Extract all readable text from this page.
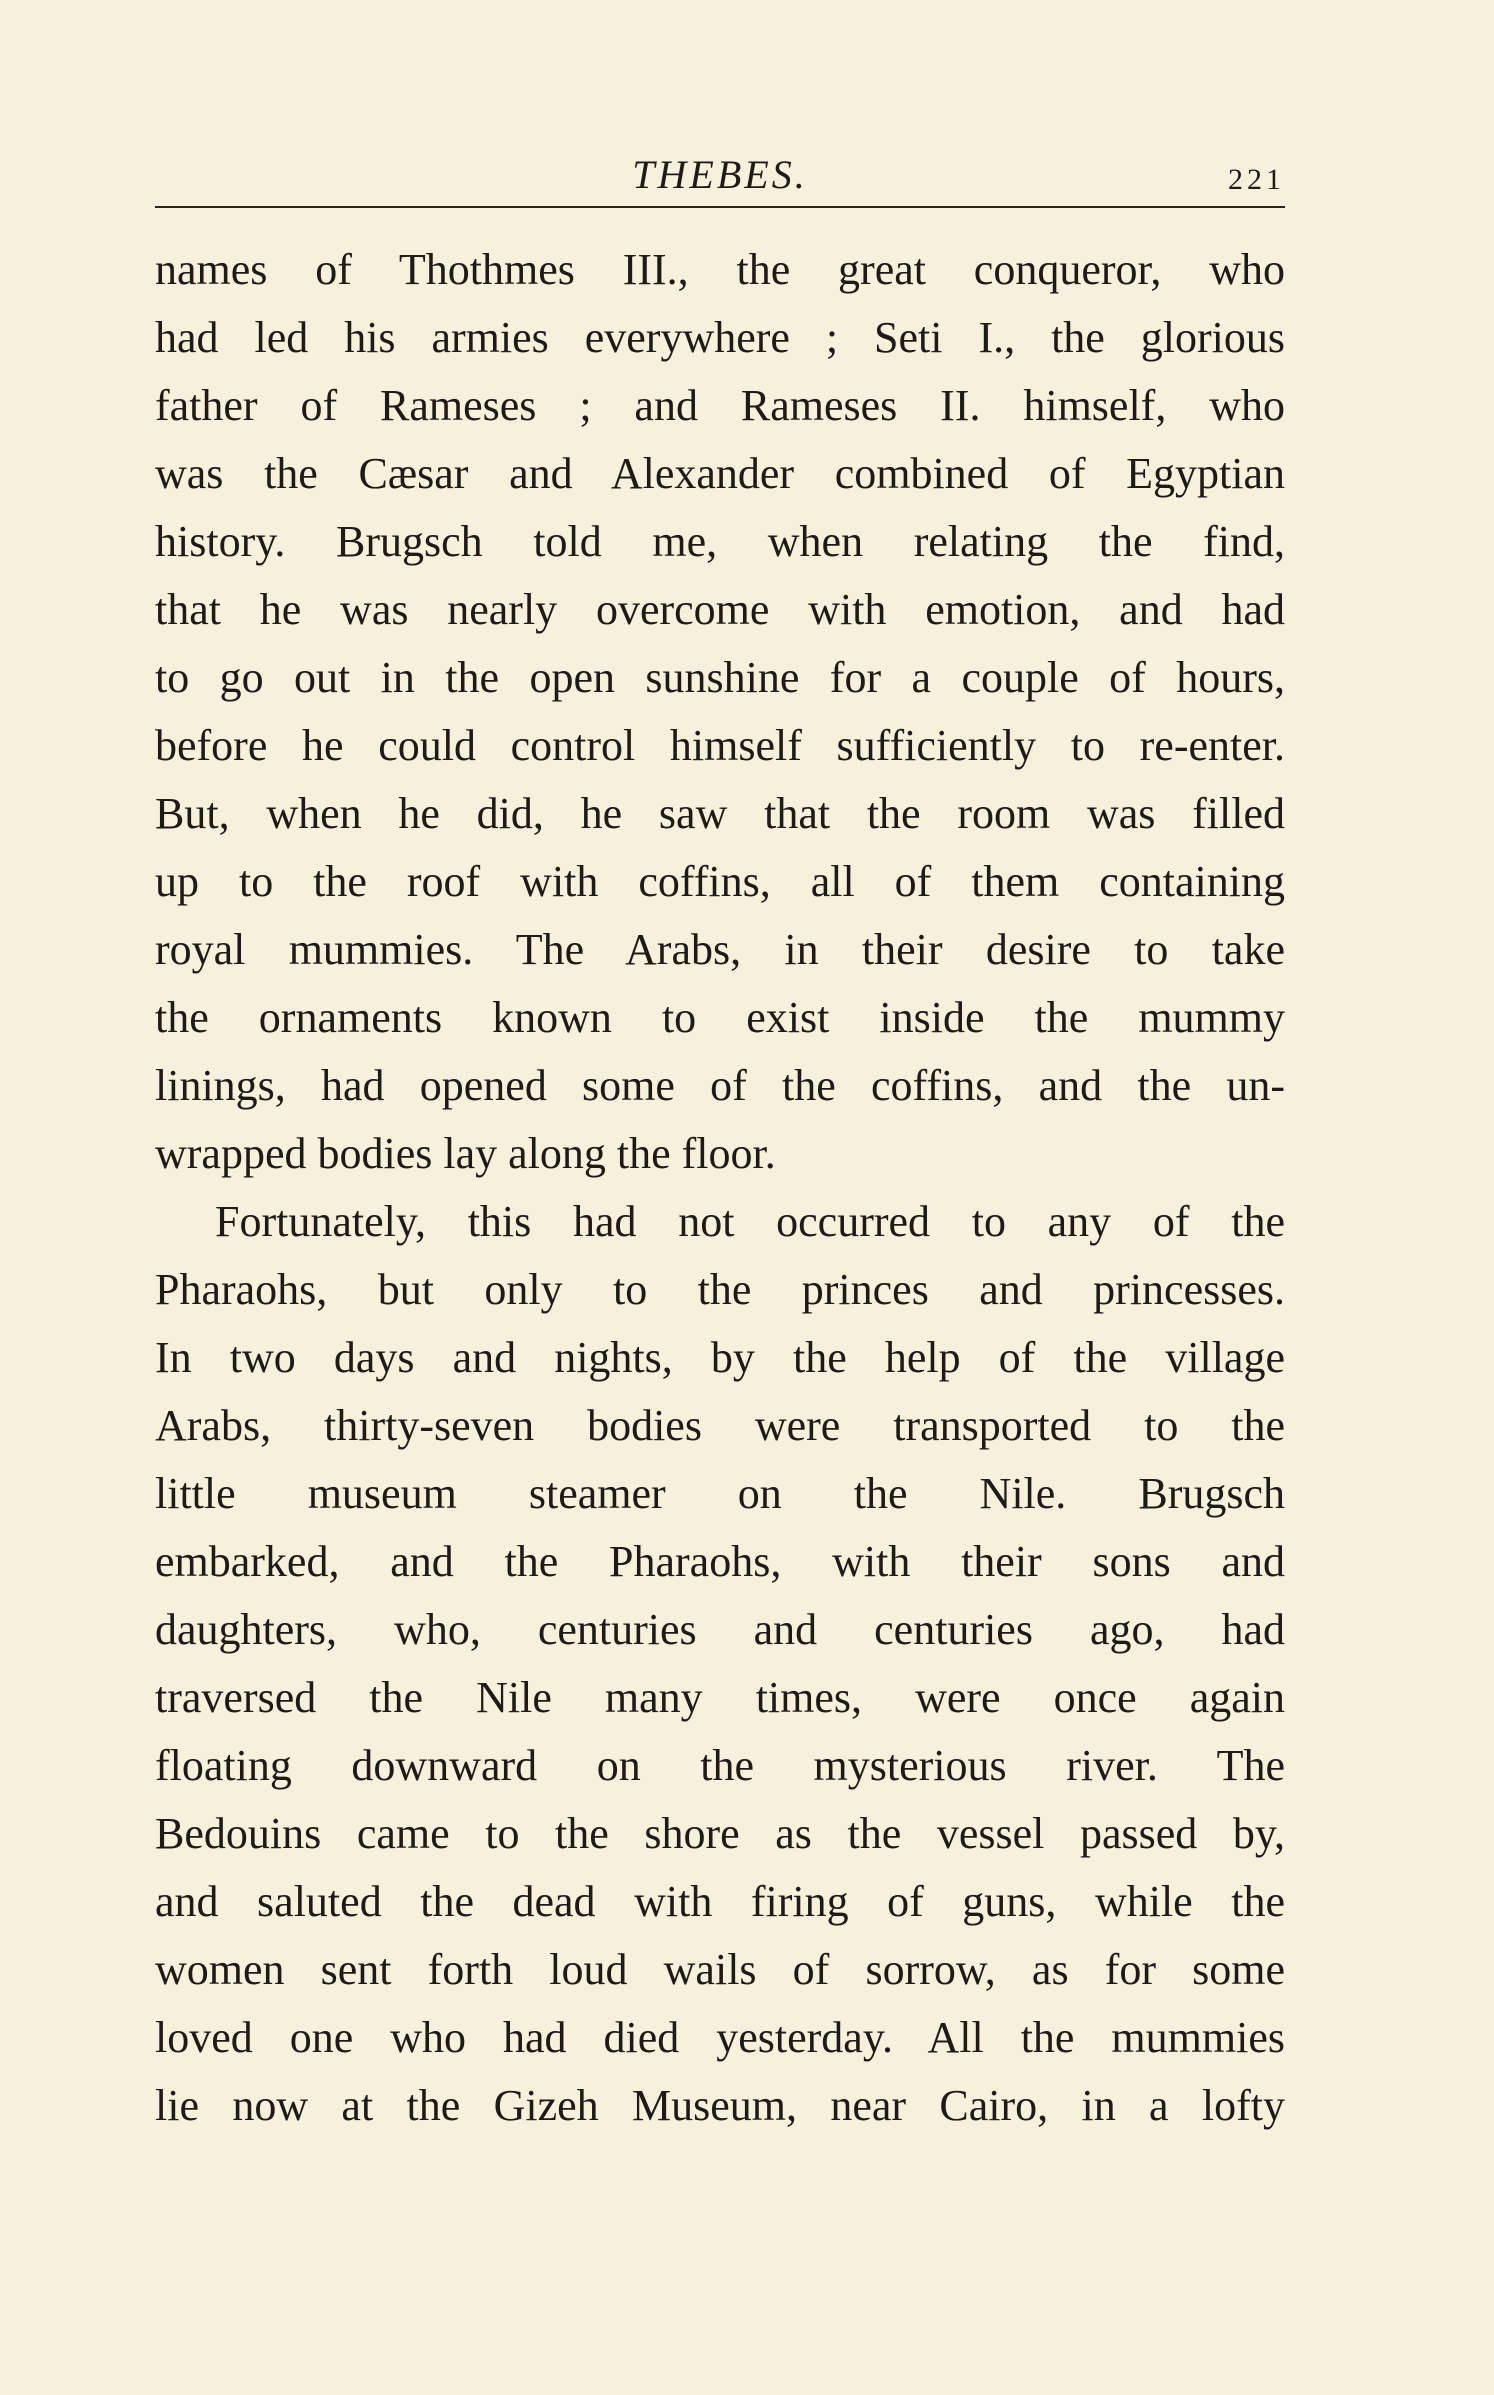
THEBES.	221
names of Thothmes III., the great conqueror, who
had led his armies everywhere ; Seti I., the glorious
father of Rameses ; and Rameses II. himself, who
was the Cæsar and Alexander combined of Egyptian
history. Brugsch told me, when relating the find,
that he was nearly overcome with emotion, and had
to go out in the open sunshine for a couple of hours,
before he could control himself sufficiently to re-enter.
But, when he did, he saw that the room was filled
up to the roof with coffins, all of them containing
royal mummies. The Arabs, in their desire to take
the ornaments known to exist inside the mummy
linings, had opened some of the coffins, and the un-
wrapped bodies lay along the floor.
Fortunately, this had not occurred to any of the
Pharaohs, but only to the princes and princesses.
In two days and nights, by the help of the village
Arabs, thirty-seven bodies were transported to the
little museum steamer on the Nile. Brugsch
embarked, and the Pharaohs, with their sons and
daughters, who, centuries and centuries ago, had
traversed the Nile many times, were once again
floating downward on the mysterious river. The
Bedouins came to the shore as the vessel passed by,
and saluted the dead with firing of guns, while the
women sent forth loud wails of sorrow, as for some
loved one who had died yesterday. All the mummies
lie now at the Gizeh Museum, near Cairo, in a lofty
